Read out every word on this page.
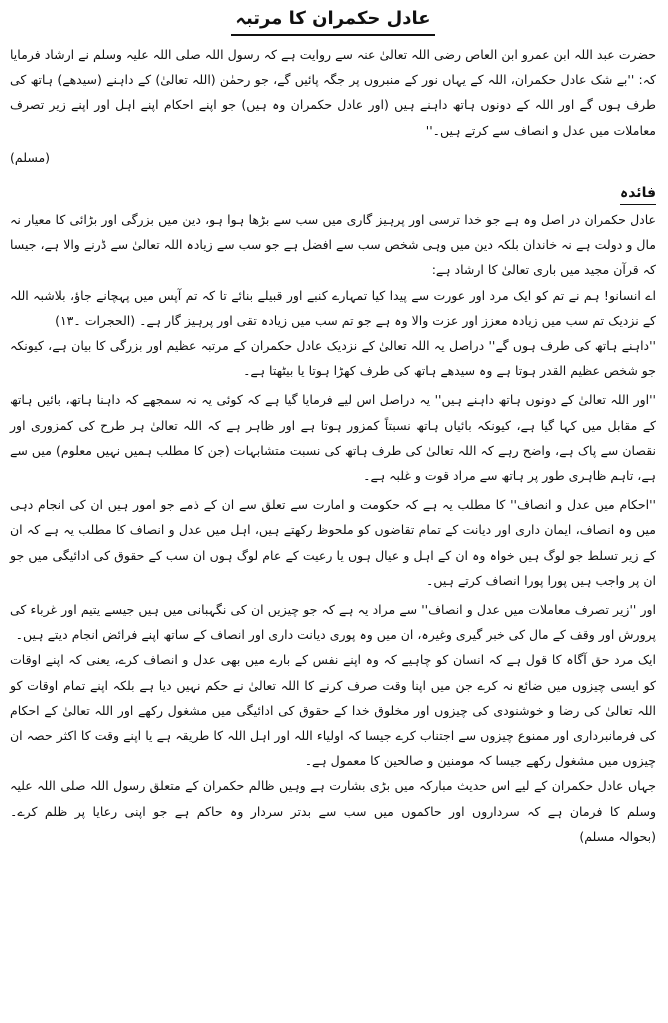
عادل حکمران کا مرتبہ

حضرت عبد اللہ ابن عمرو ابن العاص رضی اللہ تعالیٰ عنہ سے روایت ہے کہ رسول اللہ صلی اللہ علیہ وسلم نے ارشاد فرمایا کہ: ''بے شک عادل حکمران، اللہ کے یہاں نور کے منبروں پر جگہ پائیں گے، جو رحمٰن (اللہ تعالیٰ) کے داہنے (سیدھے) ہاتھ کی طرف ہوں گے اور اللہ کے دونوں ہاتھ داہنے ہیں (اور عادل حکمران وہ ہیں) جو اپنے احکام اپنے اہل اور اپنے زیر تصرف معاملات میں عدل و انصاف سے کرتے ہیں۔''

(مسلم)

فائدہ

عادل حکمران در اصل وہ ہے جو خدا ترسی اور پرہیز گاری میں سب سے بڑھا ہوا ہو، دین میں بزرگی اور بڑائی کا معیار نہ مال و دولت ہے نہ خاندان بلکہ دین میں وہی شخص سب سے افضل ہے جو سب سے زیادہ اللہ تعالیٰ سے ڈرنے والا ہے، جیسا کہ قرآن مجید میں باری تعالیٰ کا ارشاد ہے:

اے انسانو! ہم نے تم کو ایک مرد اور عورت سے پیدا کیا تمہارے کنبے اور قبیلے بنائے تا کہ تم آپس میں پہچانے جاؤ، بلاشبہ اللہ کے نزدیک تم سب میں زیادہ معزز اور عزت والا وہ ہے جو تم سب میں زیادہ تقی اور پرہیز گار ہے۔ (الحجرات ۔۱۳)

''داہنے ہاتھ کی طرف ہوں گے'' دراصل یہ اللہ تعالیٰ کے نزدیک عادل حکمران کے مرتبہ عظیم اور بزرگی کا بیان ہے، کیونکہ جو شخص عظیم القدر ہوتا ہے وہ سیدھے ہاتھ کی طرف کھڑا ہوتا یا بیٹھتا ہے۔

''اور اللہ تعالیٰ کے دونوں ہاتھ داہنے ہیں'' یہ دراصل اس لیے فرمایا گیا ہے کہ کوئی یہ نہ سمجھے کہ داہنا ہاتھ، بائیں ہاتھ کے مقابل میں کہا گیا ہے، کیونکہ بائیاں ہاتھ نسبتاً کمزور ہوتا ہے اور ظاہر ہے کہ اللہ تعالیٰ ہر طرح کی کمزوری اور نقصان سے پاک ہے، واضح رہے کہ اللہ تعالیٰ کی طرف ہاتھ کی نسبت متشابہات (جن کا مطلب ہمیں نہیں معلوم) میں سے ہے، تاہم ظاہری طور پر ہاتھ سے مراد قوت و غلبہ ہے۔

''احکام میں عدل و انصاف'' کا مطلب یہ ہے کہ حکومت و امارت سے تعلق سے ان کے ذمے جو امور ہیں ان کی انجام دہی میں وہ انصاف، ایمان داری اور دیانت کے تمام تقاضوں کو ملحوظ رکھتے ہیں، اہل میں عدل و انصاف کا مطلب یہ ہے کہ ان کے زیر تسلط جو لوگ ہیں خواہ وہ ان کے اہل و عیال ہوں یا رعیت کے عام لوگ ہوں ان سب کے حقوق کی ادائیگی میں جو ان پر واجب ہیں پورا پورا انصاف کرتے ہیں۔

اور ''زیر تصرف معاملات میں عدل و انصاف'' سے مراد یہ ہے کہ جو چیزیں ان کی نگہبانی میں ہیں جیسے یتیم اور غرباء کی پرورش اور وقف کے مال کی خبر گیری وغیرہ، ان میں وہ پوری دیانت داری اور انصاف کے ساتھ اپنے فرائض انجام دیتے ہیں۔

ایک مرد حق آگاہ کا قول ہے کہ انسان کو چاہیے کہ وہ اپنے نفس کے بارے میں بھی عدل و انصاف کرے، یعنی کہ اپنے اوقات کو ایسی چیزوں میں ضائع نہ کرے جن میں اپنا وقت صرف کرنے کا اللہ تعالیٰ نے حکم نہیں دیا ہے بلکہ اپنے تمام اوقات کو اللہ تعالیٰ کی رضا و خوشنودی کی چیزوں اور مخلوق خدا کے حقوق کی ادائیگی میں مشغول رکھے اور اللہ تعالیٰ کے احکام کی فرمانبرداری اور ممنوع چیزوں سے اجتناب کرے جیسا کہ اولیاء اللہ اور اہل اللہ کا طریقہ ہے یا اپنے وقت کا اکثر حصہ ان چیزوں میں مشغول رکھے جیسا کہ مومنین و صالحین کا معمول ہے۔

جہاں عادل حکمران کے لیے اس حدیث مبارکہ میں بڑی بشارت ہے وہیں ظالم حکمران کے متعلق رسول اللہ صلی اللہ علیہ وسلم کا فرمان ہے کہ سرداروں اور حاکموں میں سب سے بدتر سردار وہ حاکم ہے جو اپنی رعایا پر ظلم کرے۔ (بحوالہ مسلم)
